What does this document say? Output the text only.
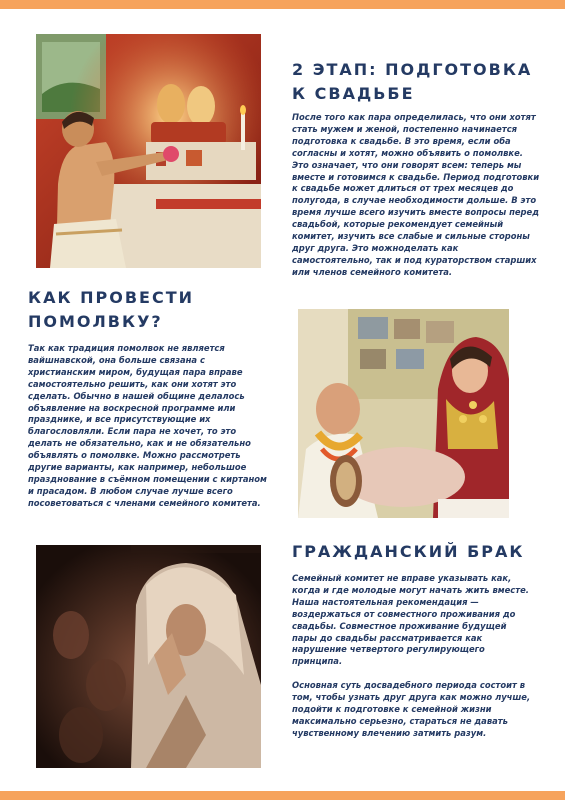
2 ЭТАП: ПОДГОТОВКА К СВАДЬБЕ

После того как пара определилась, что они хотят стать мужем и женой, постепенно начинается подготовка к свадьбе. В это время, если оба согласны и хотят, можно объявить о помолвке. Это означает, что они говорят всем: теперь мы вместе и готовимся к свадьбе. Период подготовки к свадьбе может длиться от трех месяцев до полугода, в случае необходимости дольше. В это время лучше всего изучить вместе вопросы перед свадьбой, которые рекомендует семейный комитет, изучить все слабые и сильные стороны друг друга. Это можноделать как самостоятельно, так и под кураторством старших или членов семейного комитета.

КАК ПРОВЕСТИ ПОМОЛВКУ?

Так как традиция помолвок не является вайшнавской, она больше связана с христианским миром, будущая пара вправе самостоятельно решить, как они хотят это сделать. Обычно в нашей общине делалось объявление на воскресной программе или празднике, и все присутствующие их благословляли. Если пара не хочет, то это делать не обязательно, как и не обязательно объявлять о помолвке. Можно рассмотреть другие варианты, как например, небольшое празднование в съёмном помещении с киртаном и прасадом. В любом случае лучше всего посоветоваться с членами семейного комитета.

ГРАЖДАНСКИЙ БРАК

Семейный комитет не вправе указывать как, когда и где молодые могут начать жить вместе. Наша настоятельная рекомендация — воздержаться от совместного проживания до свадьбы. Совместное проживание будущей пары до свадьбы рассматривается как нарушение четвертого регулирующего принципа.

Основная суть досвадебного периода состоит в том, чтобы узнать друг друга как можно лучше, подойти к подготовке к семейной жизни максимально серьезно, стараться не давать чувственному влечению затмить разум.
